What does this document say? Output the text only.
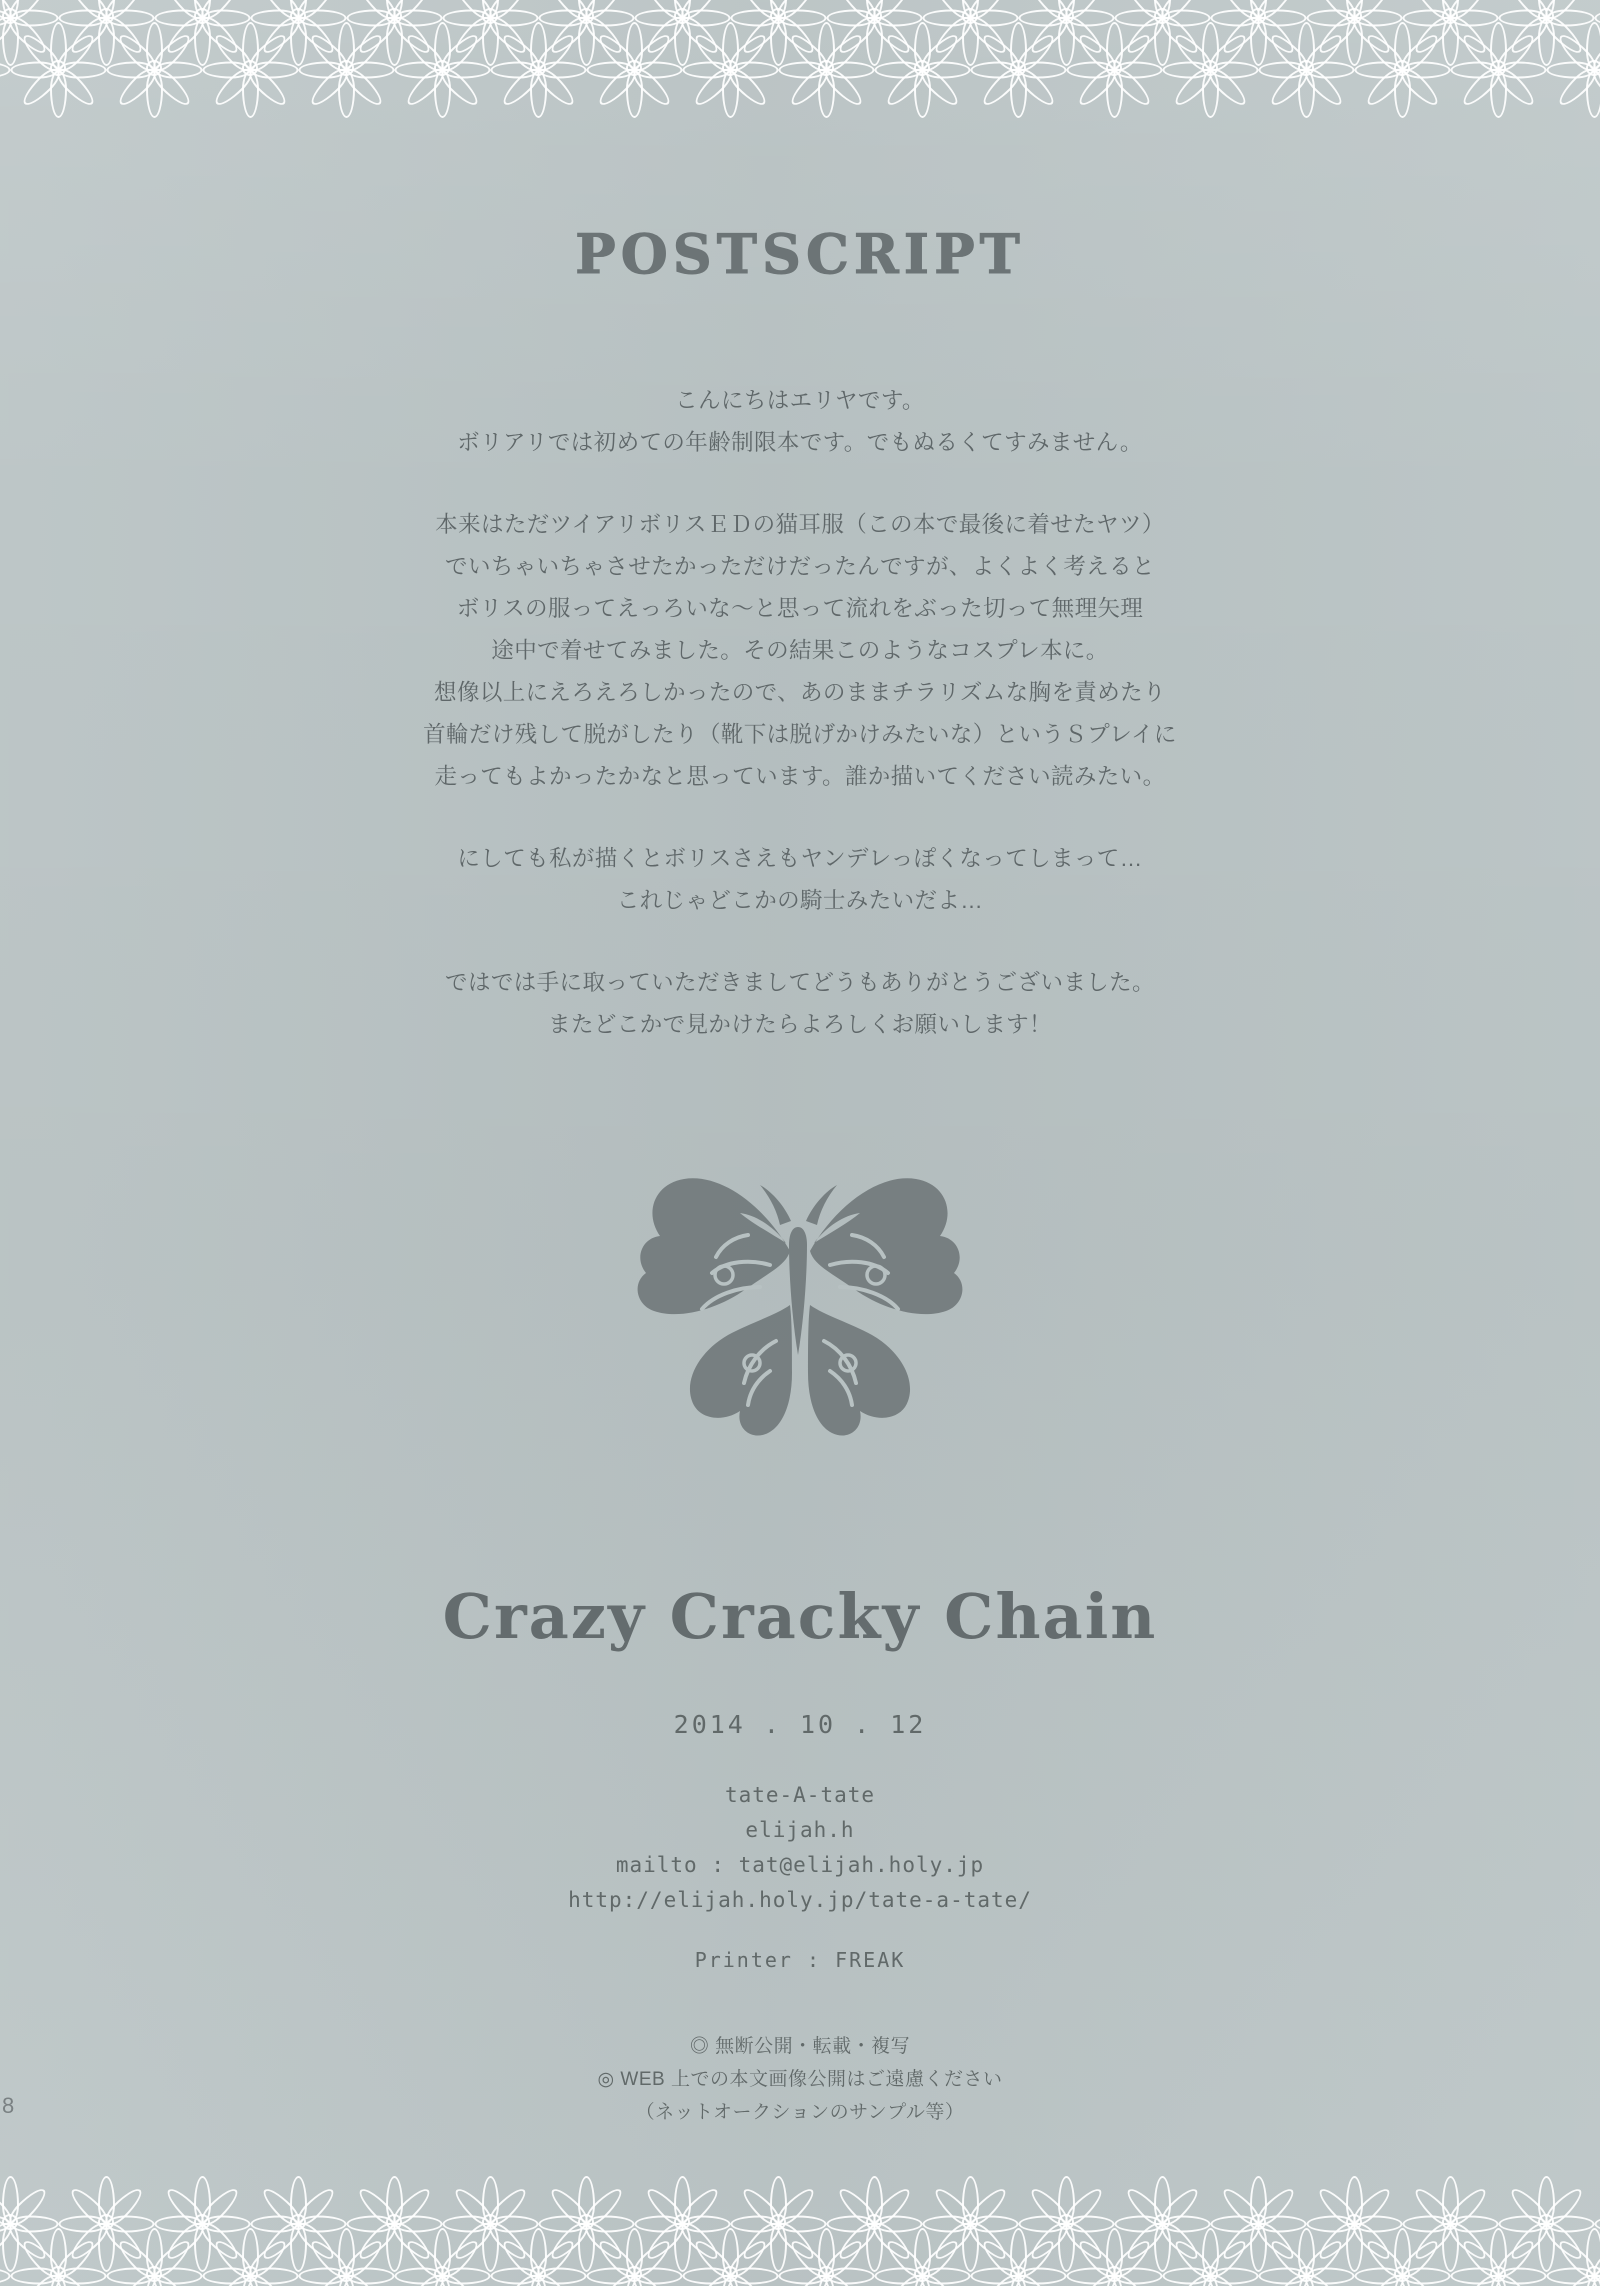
POSTSCRIPT

こんにちはエリヤです。

ボリアリでは初めての年齢制限本です。でもぬるくてすみません。

本来はただツイアリボリスＥＤの猫耳服（この本で最後に着せたヤツ）

でいちゃいちゃさせたかっただけだったんですが、よくよく考えると

ボリスの服ってえっろいな～と思って流れをぶった切って無理矢理

途中で着せてみました。その結果このようなコスプレ本に。

想像以上にえろえろしかったので、あのままチラリズムな胸を責めたり

首輪だけ残して脱がしたり（靴下は脱げかけみたいな）というＳプレイに

走ってもよかったかなと思っています。誰か描いてください読みたい。

にしても私が描くとボリスさえもヤンデレっぽくなってしまって…

これじゃどこかの騎士みたいだよ…

ではでは手に取っていただきましてどうもありがとうございました。

またどこかで見かけたらよろしくお願いします！

Crazy Cracky Chain
2014 . 10 . 12
tate-A-tate
elijah.h
mailto : tat@elijah.holy.jp
http://elijah.holy.jp/tate-a-tate/
Printer : FREAK
◎ 無断公開・転載・複写
◎ WEB 上での本文画像公開はご遠慮ください
（ネットオークションのサンプル等）
8
